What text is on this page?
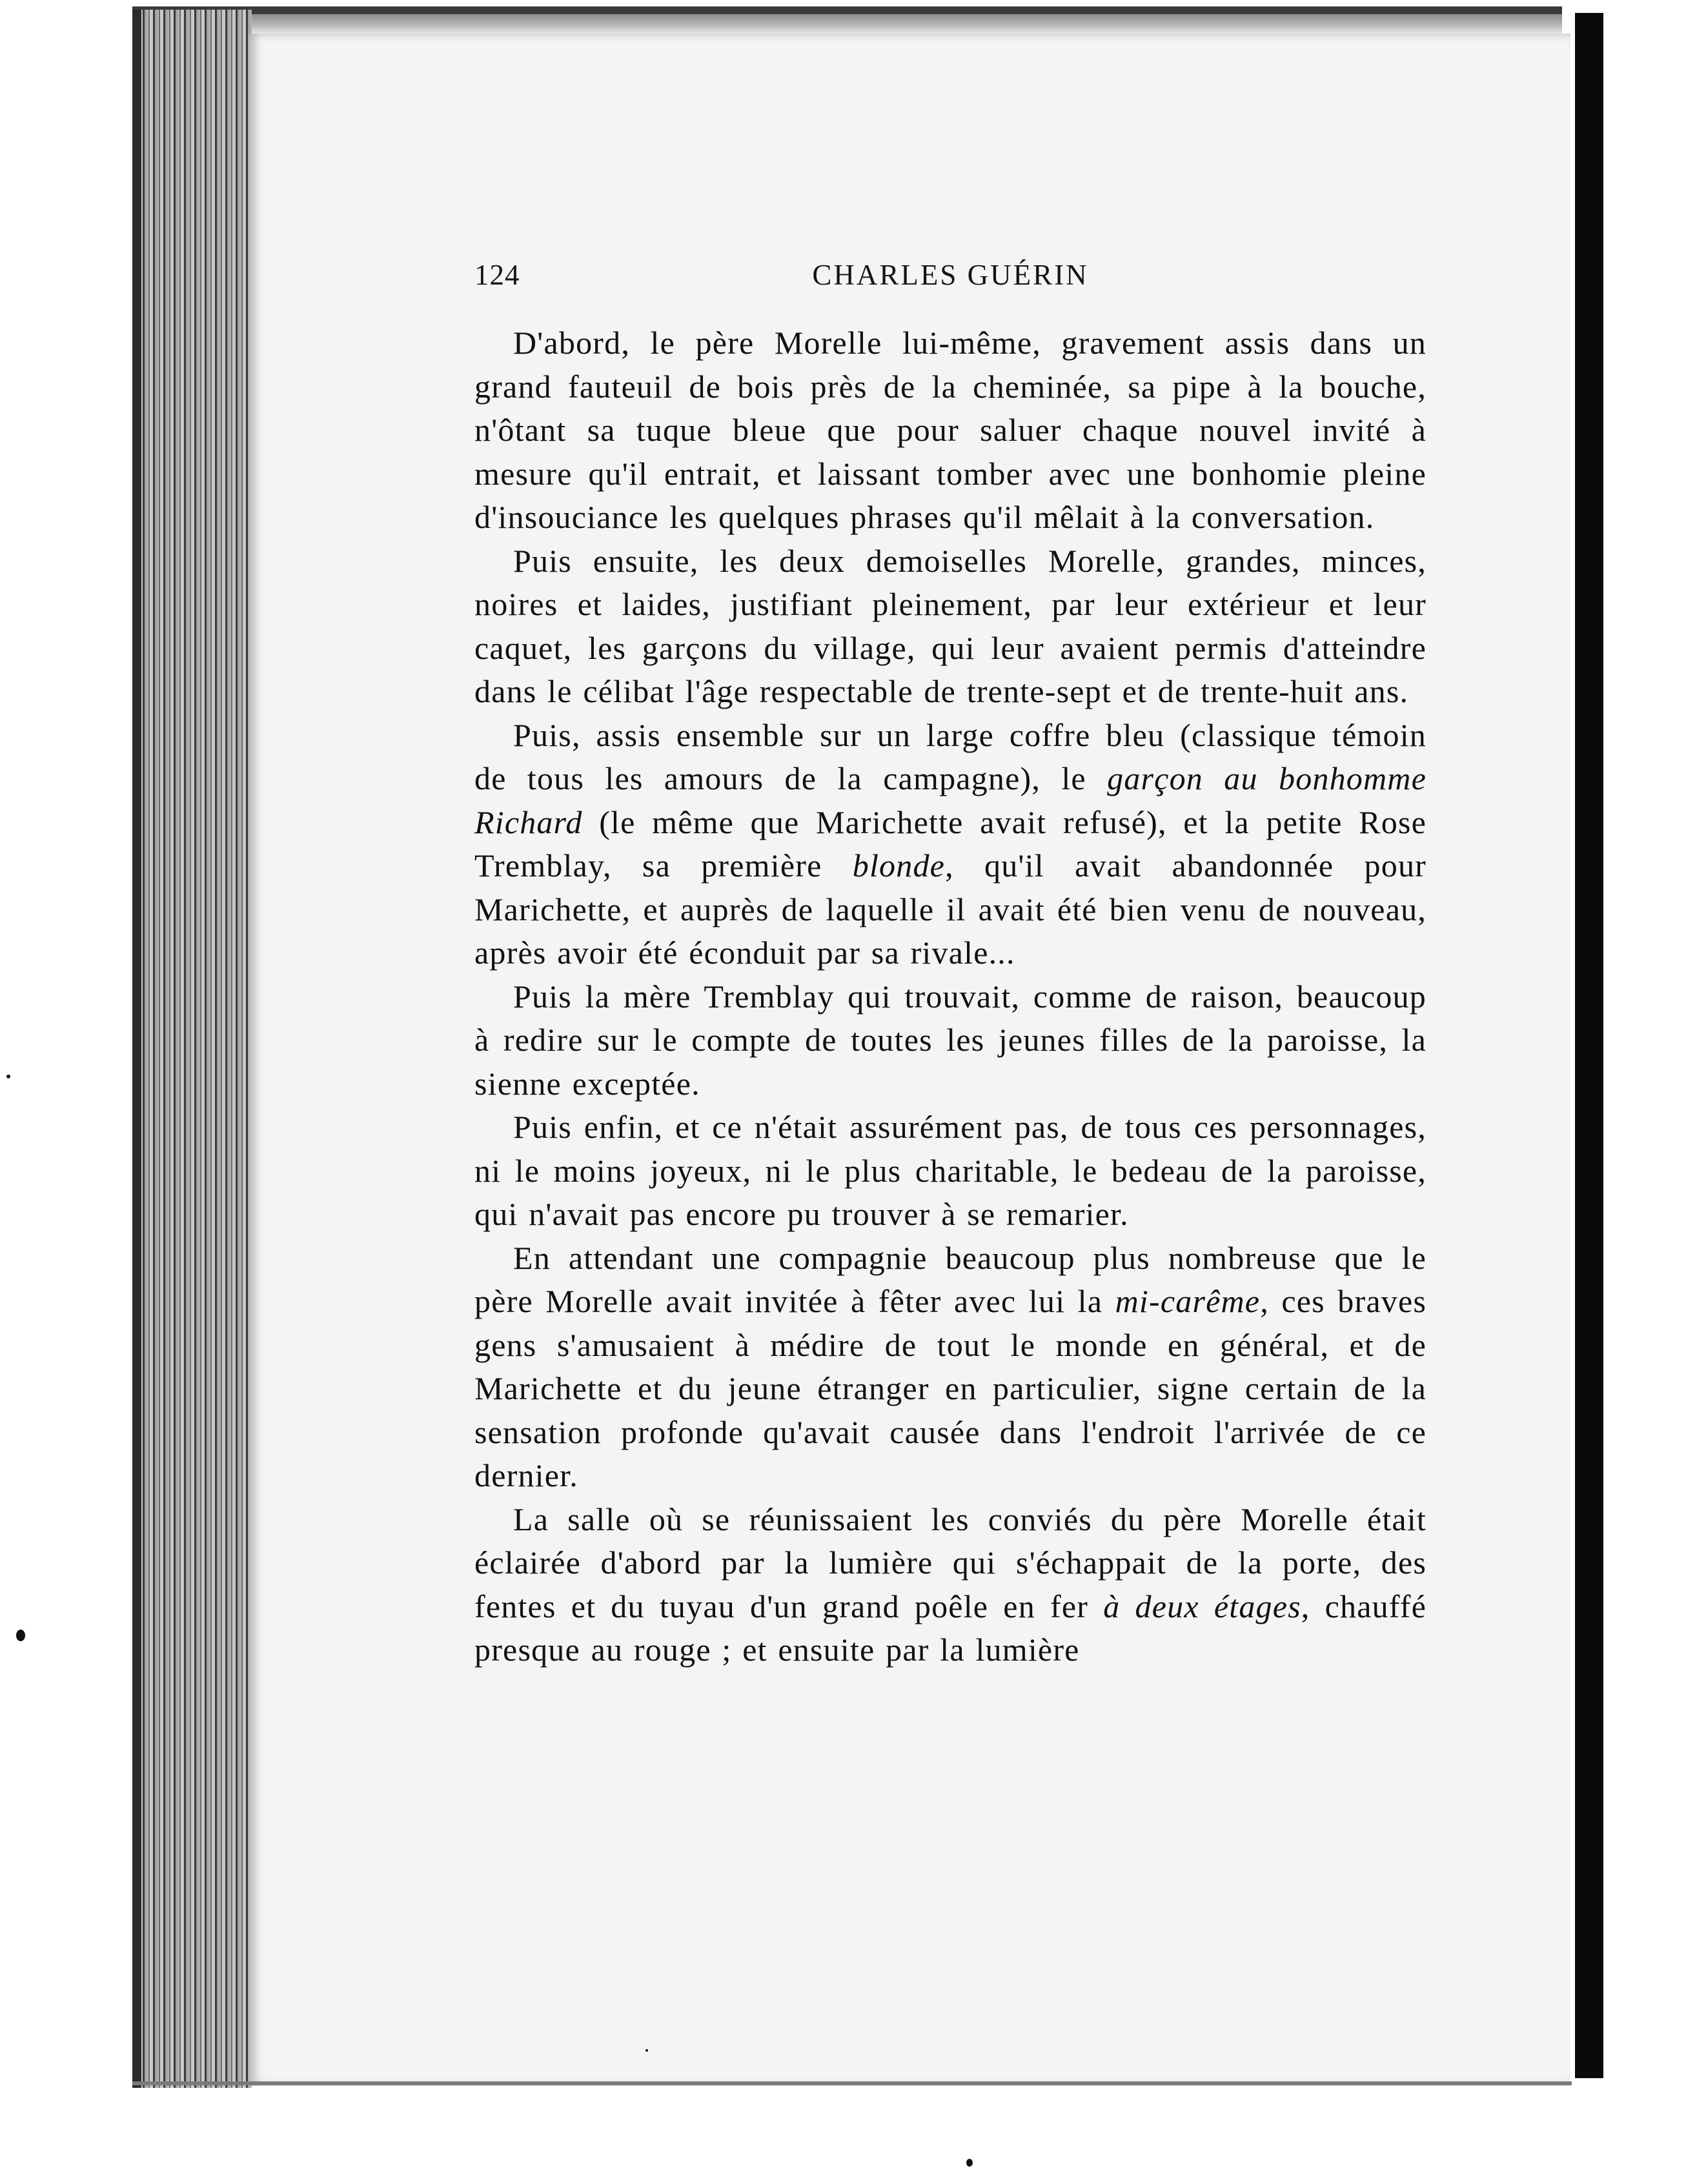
124	CHARLES GUÉRIN

D'abord, le père Morelle lui-même, gravement assis dans un grand fauteuil de bois près de la cheminée, sa pipe à la bouche, n'ôtant sa tuque bleue que pour saluer chaque nouvel invité à mesure qu'il entrait, et laissant tomber avec une bonhomie pleine d'insouciance les quelques phrases qu'il mêlait à la conversation.

Puis ensuite, les deux demoiselles Morelle, grandes, minces, noires et laides, justifiant pleinement, par leur extérieur et leur caquet, les garçons du village, qui leur avaient permis d'atteindre dans le célibat l'âge respectable de trente-sept et de trente-huit ans.

Puis, assis ensemble sur un large coffre bleu (classique témoin de tous les amours de la campagne), le garçon au bonhomme Richard (le même que Marichette avait refusé), et la petite Rose Tremblay, sa première blonde, qu'il avait abandonnée pour Marichette, et auprès de laquelle il avait été bien venu de nouveau, après avoir été éconduit par sa rivale...

Puis la mère Tremblay qui trouvait, comme de raison, beaucoup à redire sur le compte de toutes les jeunes filles de la paroisse, la sienne exceptée.

Puis enfin, et ce n'était assurément pas, de tous ces personnages, ni le moins joyeux, ni le plus charitable, le bedeau de la paroisse, qui n'avait pas encore pu trouver à se remarier.

En attendant une compagnie beaucoup plus nombreuse que le père Morelle avait invitée à fêter avec lui la mi-carême, ces braves gens s'amusaient à médire de tout le monde en général, et de Marichette et du jeune étranger en particulier, signe certain de la sensation profonde qu'avait causée dans l'endroit l'arrivée de ce dernier.

La salle où se réunissaient les conviés du père Morelle était éclairée d'abord par la lumière qui s'échappait de la porte, des fentes et du tuyau d'un grand poêle en fer à deux étages, chauffé presque au rouge ; et ensuite par la lumière
